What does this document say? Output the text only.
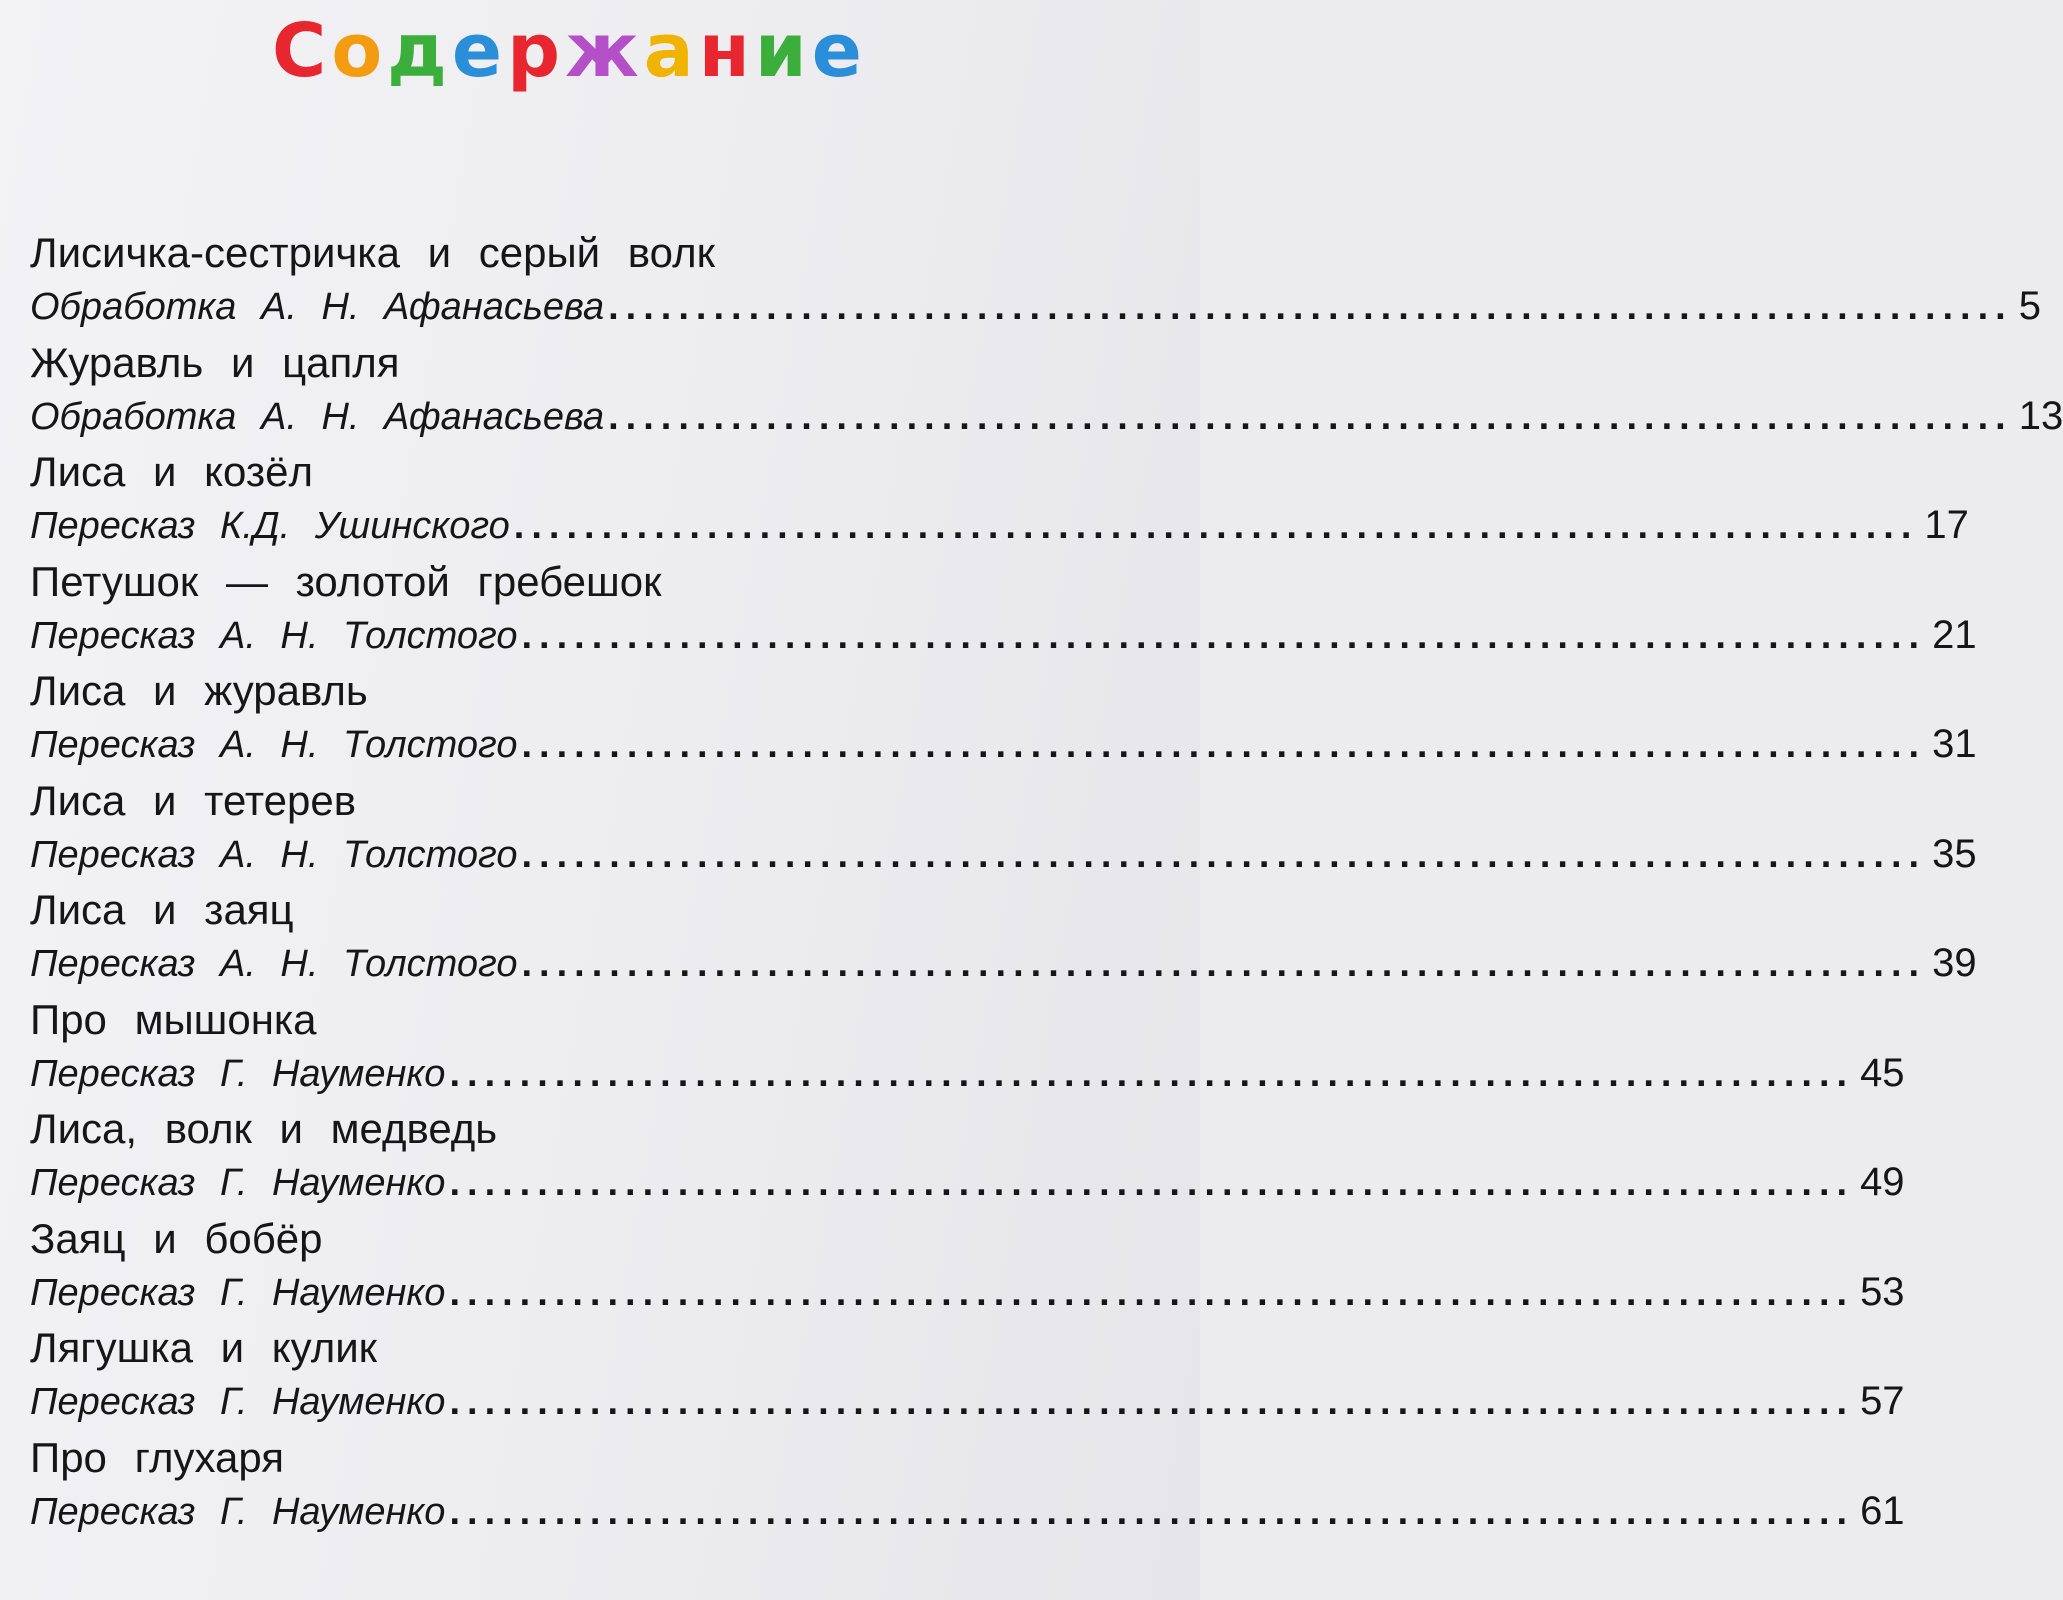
Содержание
Лисичка-сестричка и серый волк
Обработка А. Н. Афанасьева ................................................................................ 5
Журавль и цапля
Обработка А. Н. Афанасьева ................................................................................ 13
Лиса и козёл
Пересказ К.Д. Ушинского ................................................................................ 17
Петушок — золотой гребешок
Пересказ А. Н. Толстого ................................................................................ 21
Лиса и журавль
Пересказ А. Н. Толстого ................................................................................ 31
Лиса и тетерев
Пересказ А. Н. Толстого ................................................................................ 35
Лиса и заяц
Пересказ А. Н. Толстого ................................................................................ 39
Про мышонка
Пересказ Г. Науменко ................................................................................ 45
Лиса, волк и медведь
Пересказ Г. Науменко ................................................................................ 49
Заяц и бобёр
Пересказ Г. Науменко ................................................................................ 53
Лягушка и кулик
Пересказ Г. Науменко ................................................................................ 57
Про глухаря
Пересказ Г. Науменко ................................................................................ 61
